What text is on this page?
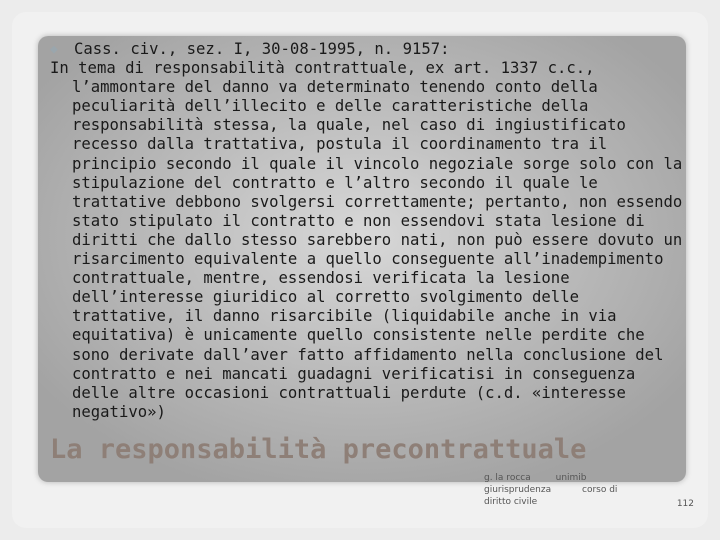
◆ Cass. civ., sez. I, 30-08-1995, n. 9157:
In tema di responsabilità contrattuale, ex art. 1337 c.c., l’ammontare del danno va determinato tenendo conto della peculiarità dell’illecito e delle caratteristiche della responsabilità stessa, la quale, nel caso di ingiustificato recesso dalla trattativa, postula il coordinamento tra il principio secondo il quale il vincolo negoziale sorge solo con la stipulazione del contratto e l’altro secondo il quale le trattative debbono svolgersi correttamente; pertanto, non essendo stato stipulato il contratto e non essendovi stata lesione di diritti che dallo stesso sarebbero nati, non può essere dovuto un risarcimento equivalente a quello conseguente all’inadempimento contrattuale, mentre, essendosi verificata la lesione dell’interesse giuridico al corretto svolgimento delle trattative, il danno risarcibile (liquidabile anche in via equitativa) è unicamente quello consistente nelle perdite che sono derivate dall’aver fatto affidamento nella conclusione del contratto e nei mancati guadagni verificatisi in conseguenza delle altre occasioni contrattuali perdute (c.d. «interesse negativo»)
La responsabilità precontrattuale
g. la rocca	unimib
giurisprudenza	corso di
diritto civile	112
